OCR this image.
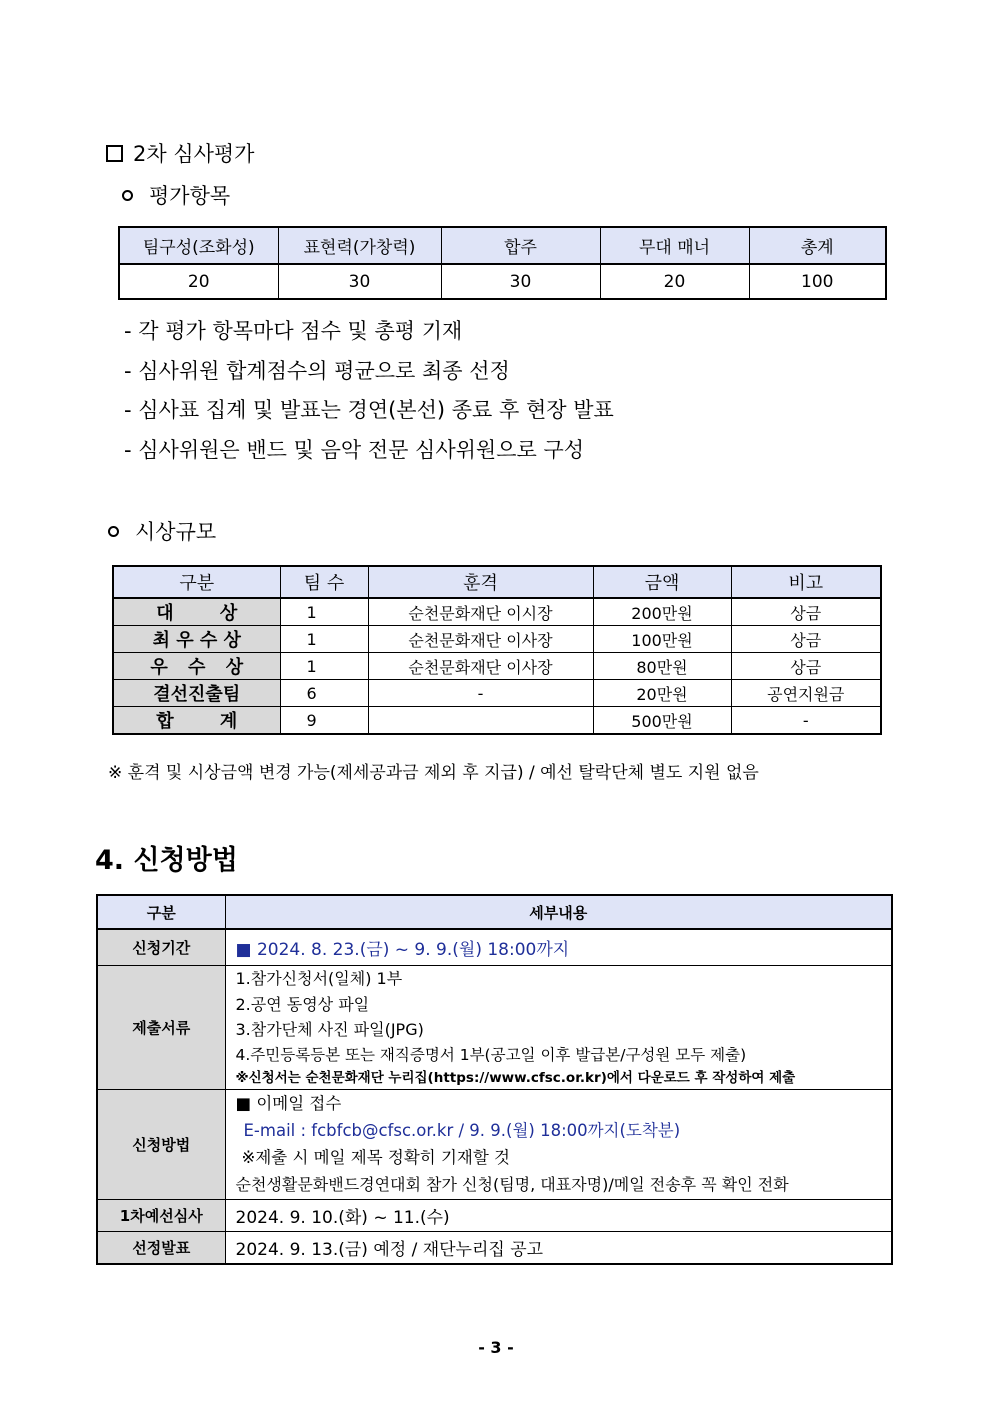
2차 심사평가
평가항목
팀구성(조화성)	표현력(가창력)	합주	무대 매너	총계
20	30	30	20	100
- 각 평가 항목마다 점수 및 총평 기재
- 심사위원 합계점수의 평균으로 최종 선정
- 심사표 집계 및 발표는 경연(본선) 종료 후 현장 발표
- 심사위원은 밴드 및 음악 전문 심사위원으로 구성
시상규모
구분	팀 수	훈격	금액	비고
대 상	1	순천문화재단 이시장	200만원	상금
최 우 수 상	1	순천문화재단 이사장	100만원	상금
우 수 상	1	순천문화재단 이사장	80만원	상금
결선진출팀	6	-	20만원	공연지원금
합 계	9		500만원	-
※ 훈격 및 시상금액 변경 가능(제세공과금 제외 후 지급) / 예선 탈락단체 별도 지원 없음
4. 신청방법
구분	세부내용
신청기간	■ 2024. 8. 23.(금) ~ 9. 9.(월) 18:00까지
제출서류	1.참가신청서(일체) 1부
2.공연 동영상 파일
3.참가단체 사진 파일(JPG)
4.주민등록등본 또는 재직증명서 1부(공고일 이후 발급본/구성원 모두 제출)
※신청서는 순천문화재단 누리집(https://www.cfsc.or.kr)에서 다운로드 후 작성하여 제출

신청방법	■ 이메일 접수
E-mail : fcbfcb@cfsc.or.kr / 9. 9.(월) 18:00까지(도착분)
※제출 시 메일 제목 정확히 기재할 것
순천생활문화밴드경연대회 참가 신청(팀명, 대표자명)/메일 전송후 꼭 확인 전화

1차예선심사	2024. 9. 10.(화) ~ 11.(수)
선정발표	2024. 9. 13.(금) 예정 / 재단누리집 공고
- 3 -
